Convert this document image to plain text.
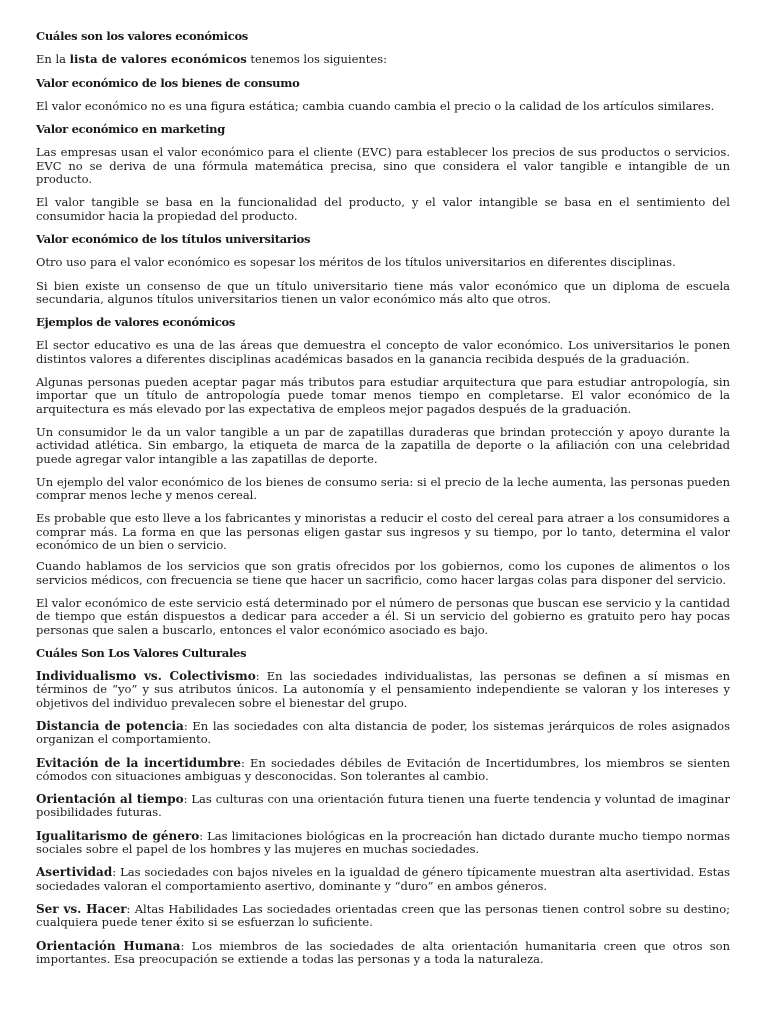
Cuáles son los valores económicos
En la lista de valores económicos tenemos los siguientes:
Valor económico de los bienes de consumo
El valor económico no es una figura estática; cambia cuando cambia el precio o la calidad de los artículos similares.
Valor económico en marketing
Las empresas usan el valor económico para el cliente (EVC) para establecer los precios de sus productos o servicios. EVC no se deriva de una fórmula matemática precisa, sino que considera el valor tangible e intangible de un producto.
El valor tangible se basa en la funcionalidad del producto, y el valor intangible se basa en el sentimiento del consumidor hacia la propiedad del producto.
Valor económico de los títulos universitarios
Otro uso para el valor económico es sopesar los méritos de los títulos universitarios en diferentes disciplinas.
Si bien existe un consenso de que un título universitario tiene más valor económico que un diploma de escuela secundaria, algunos títulos universitarios tienen un valor económico más alto que otros.
Ejemplos de valores económicos
El sector educativo es una de las áreas que demuestra el concepto de valor económico. Los universitarios le ponen distintos valores a diferentes disciplinas académicas basados en la ganancia recibida después de la graduación.
Algunas personas pueden aceptar pagar más tributos para estudiar arquitectura que para estudiar antropología, sin importar que un título de antropología puede tomar menos tiempo en completarse. El valor económico de la arquitectura es más elevado por las expectativa de empleos mejor pagados después de la graduación.
Un consumidor le da un valor tangible a un par de zapatillas duraderas que brindan protección y apoyo durante la actividad atlética. Sin embargo, la etiqueta de marca de la zapatilla de deporte o la afiliación con una celebridad puede agregar valor intangible a las zapatillas de deporte.
Un ejemplo del valor económico de los bienes de consumo seria: si el precio de la leche aumenta, las personas pueden comprar menos leche y menos cereal.
Es probable que esto lleve a los fabricantes y minoristas a reducir el costo del cereal para atraer a los consumidores a comprar más. La forma en que las personas eligen gastar sus ingresos y su tiempo, por lo tanto, determina el valor económico de un bien o servicio.
Cuando hablamos de los servicios que son gratis ofrecidos por los gobiernos, como los cupones de alimentos o los servicios médicos, con frecuencia se tiene que hacer un sacrificio, como hacer largas colas para disponer del servicio.
El valor económico de este servicio está determinado por el número de personas que buscan ese servicio y la cantidad de tiempo que están dispuestos a dedicar para acceder a él. Si un servicio del gobierno es gratuito pero hay pocas personas que salen a buscarlo, entonces el valor económico asociado es bajo.
Cuáles Son Los Valores Culturales
Individualismo vs. Colectivismo: En las sociedades individualistas, las personas se definen a sí mismas en términos de “yo” y sus atributos únicos. La autonomía y el pensamiento independiente se valoran y los intereses y objetivos del individuo prevalecen sobre el bienestar del grupo.
Distancia de potencia: En las sociedades con alta distancia de poder, los sistemas jerárquicos de roles asignados organizan el comportamiento.
Evitación de la incertidumbre: En sociedades débiles de Evitación de Incertidumbres, los miembros se sienten cómodos con situaciones ambiguas y desconocidas. Son tolerantes al cambio.
Orientación al tiempo: Las culturas con una orientación futura tienen una fuerte tendencia y voluntad de imaginar posibilidades futuras.
Igualitarismo de género: Las limitaciones biológicas en la procreación han dictado durante mucho tiempo normas sociales sobre el papel de los hombres y las mujeres en muchas sociedades.
Asertividad: Las sociedades con bajos niveles en la igualdad de género típicamente muestran alta asertividad. Estas sociedades valoran el comportamiento asertivo, dominante y “duro” en ambos géneros.
Ser vs. Hacer: Altas Habilidades Las sociedades orientadas creen que las personas tienen control sobre su destino; cualquiera puede tener éxito si se esfuerzan lo suficiente.
Orientación Humana: Los miembros de las sociedades de alta orientación humanitaria creen que otros son importantes. Esa preocupación se extiende a todas las personas y a toda la naturaleza.
